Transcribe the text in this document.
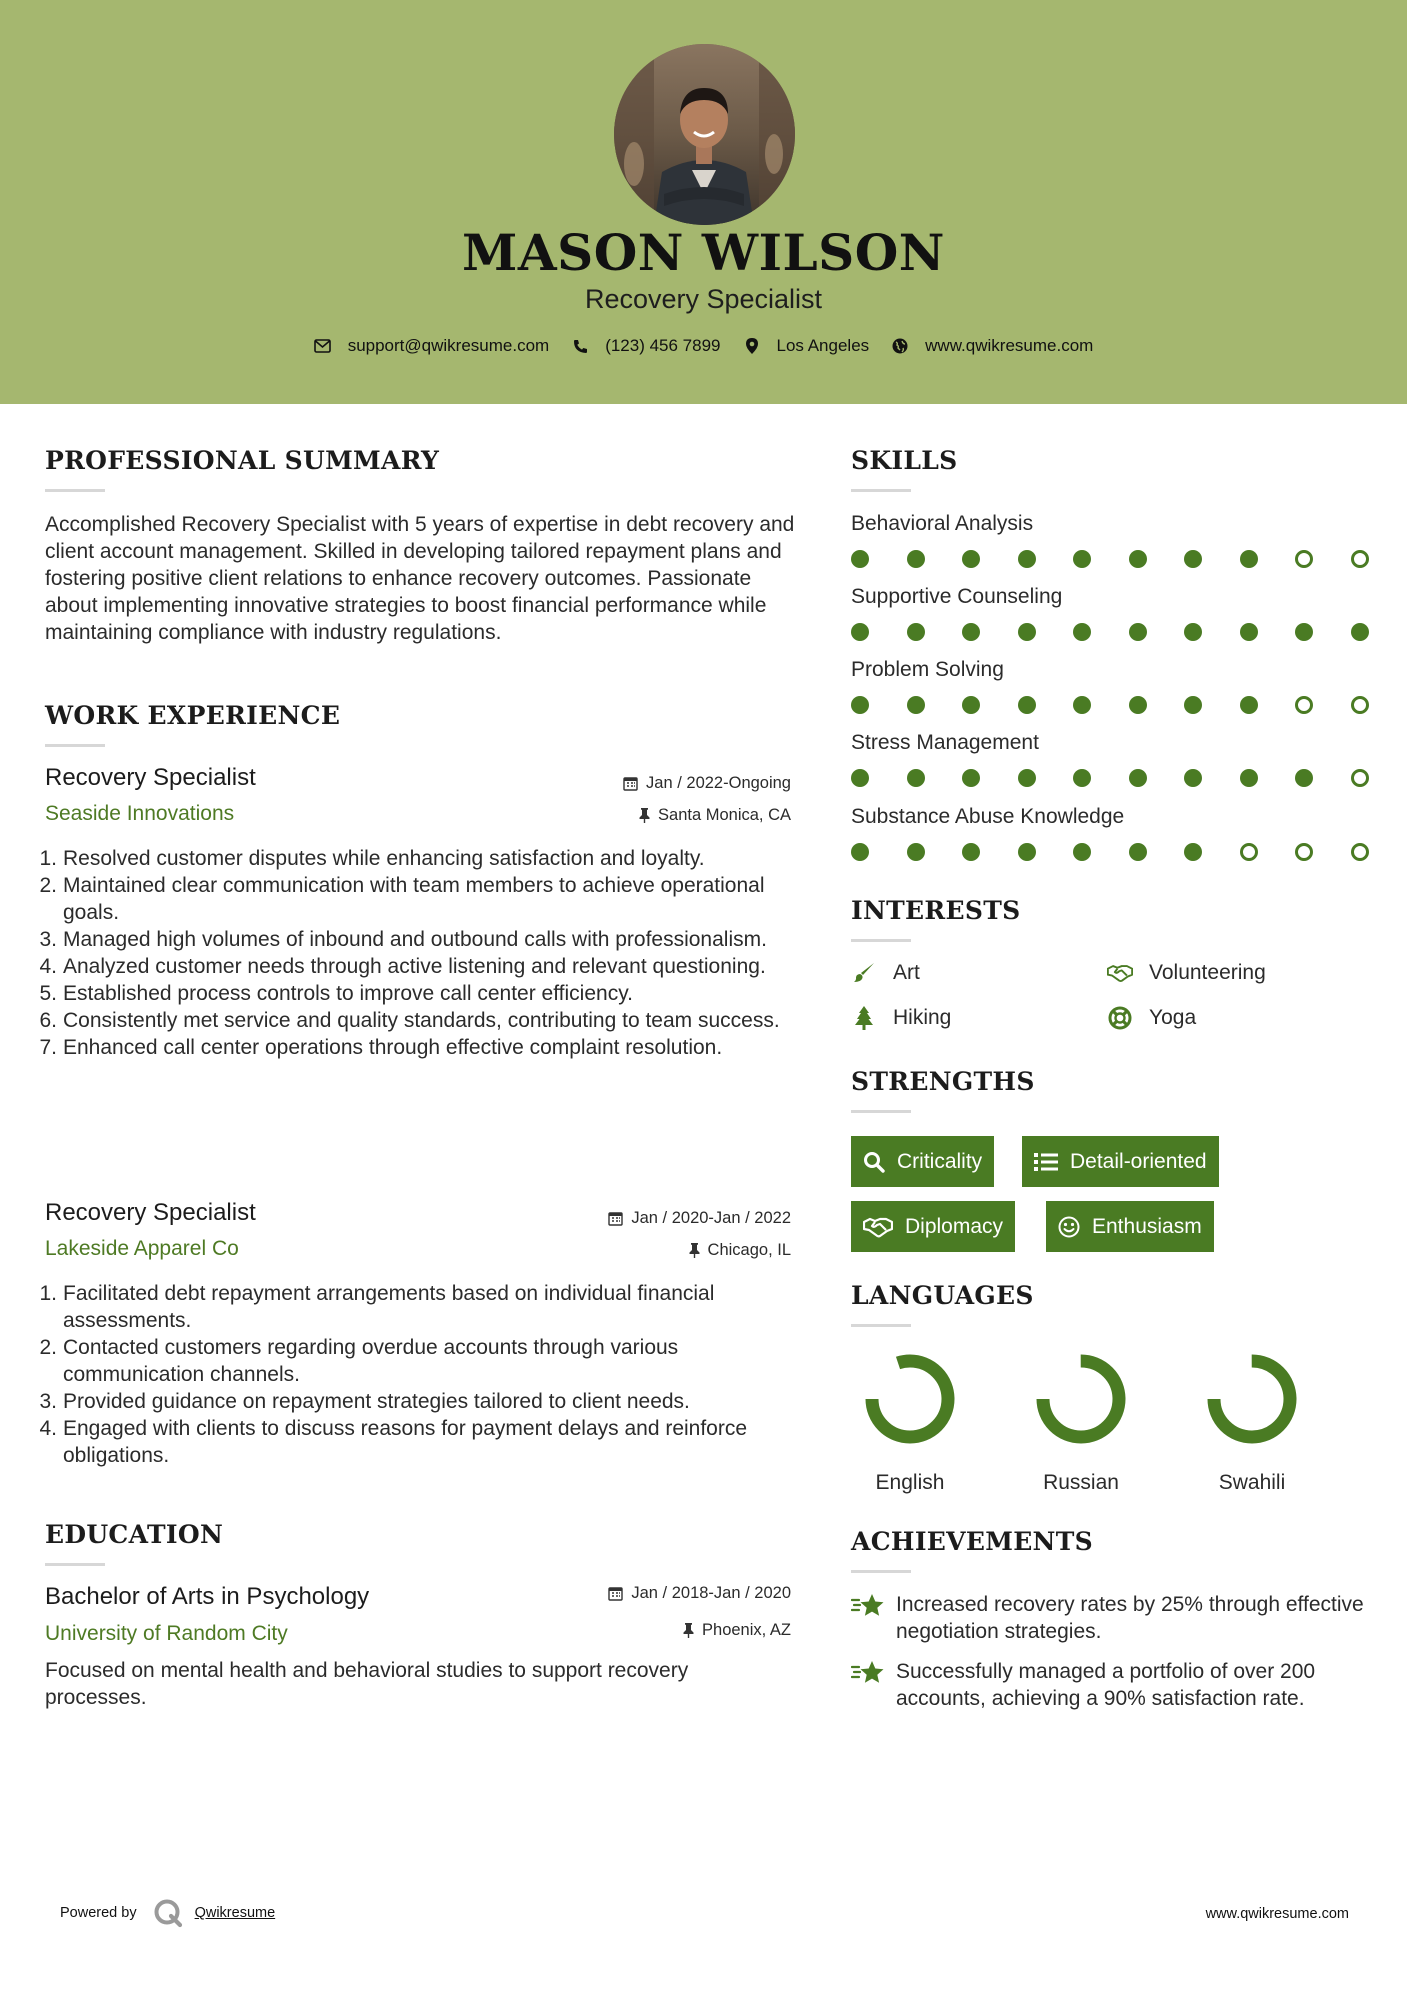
MASON WILSON
Recovery Specialist
support@qwikresume.com	(123) 456 7899	Los Angeles	www.qwikresume.com
PROFESSIONAL SUMMARY
Accomplished Recovery Specialist with 5 years of expertise in debt recovery and client account management. Skilled in developing tailored repayment plans and fostering positive client relations to enhance recovery outcomes. Passionate about implementing innovative strategies to boost financial performance while maintaining compliance with industry regulations.
WORK EXPERIENCE
Recovery Specialist	Jan / 2022-Ongoing
Seaside Innovations	Santa Monica, CA
1. Resolved customer disputes while enhancing satisfaction and loyalty.
2. Maintained clear communication with team members to achieve operational goals.
3. Managed high volumes of inbound and outbound calls with professionalism.
4. Analyzed customer needs through active listening and relevant questioning.
5. Established process controls to improve call center efficiency.
6. Consistently met service and quality standards, contributing to team success.
7. Enhanced call center operations through effective complaint resolution.
Recovery Specialist	Jan / 2020-Jan / 2022
Lakeside Apparel Co	Chicago, IL
1. Facilitated debt repayment arrangements based on individual financial assessments.
2. Contacted customers regarding overdue accounts through various communication channels.
3. Provided guidance on repayment strategies tailored to client needs.
4. Engaged with clients to discuss reasons for payment delays and reinforce obligations.
EDUCATION
Bachelor of Arts in Psychology	Jan / 2018-Jan / 2020
University of Random City	Phoenix, AZ
Focused on mental health and behavioral studies to support recovery processes.
SKILLS
Behavioral Analysis
Supportive Counseling
Problem Solving
Stress Management
Substance Abuse Knowledge
INTERESTS
Art	Volunteering
Hiking	Yoga
STRENGTHS
Criticality	Detail-oriented
Diplomacy	Enthusiasm
LANGUAGES
English	Russian	Swahili
ACHIEVEMENTS
Increased recovery rates by 25% through effective negotiation strategies.
Successfully managed a portfolio of over 200 accounts, achieving a 90% satisfaction rate.
Powered by	Qwikresume	www.qwikresume.com
